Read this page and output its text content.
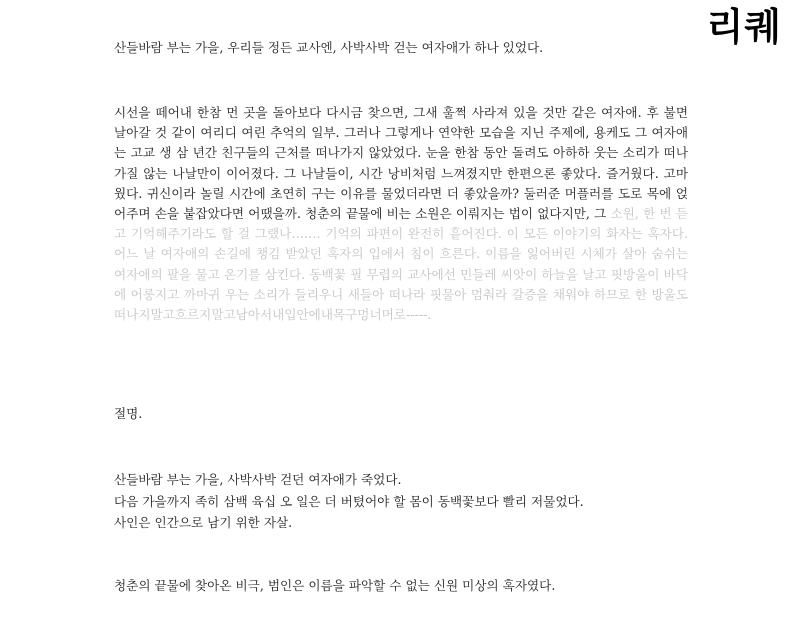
리퀘

산들바람 부는 가을, 우리들 정든 교사엔, 사박사박 걷는 여자애가 하나 있었다.

시선을 떼어내 한참 먼 곳을 돌아보다 다시금 찾으면, 그새 훌쩍 사라져 있을 것만 같은 여자애. 후 불면 날아갈 것 같이 여리디 여린 추억의 일부. 그러나 그렇게나 연약한 모습을 지닌 주제에, 용케도 그 여자애는 고교 생 삼 년간 친구들의 근처를 떠나가지 않았었다. 눈을 한참 동안 돌려도 아하하 웃는 소리가 떠나가질 않는 나날만이 이어졌다. 그 나날들이, 시간 낭비처럼 느껴졌지만 한편으론 좋았다. 즐거웠다. 고마웠다. 귀신이라 놀릴 시간에 초연히 구는 이유를 물었더라면 더 좋았을까? 둘러준 머플러를 도로 목에 얹어주며 손을 붙잡았다면 어땠을까. 청춘의 끝물에 비는 소원은 이뤄지는 법이 없다지만, 그 소원, 한 번 듣고 기억해주기라도 할 걸 그랬나……. 기억의 파편이 완전히 흩어진다. 이 모든 이야기의 화자는 혹자다. 어느 날 여자애의 손길에 챙김 받았던 혹자의 입에서 침이 흐른다. 이름을 잃어버린 시체가 살아 숨쉬는 여자애의 팔을 물고 온기를 삼킨다. 동백꽃 필 무렵의 교사에선 민들레 씨앗이 하늘을 날고 핏방울이 바닥에 어룽지고 까마귀 우는 소리가 들리우니 새들아 떠나라 핏물아 멈춰라 갈증을 채워야 하므로 한 방울도떠나지말고흐르지말고남아서내입안에내목구멍너머로-----.

절명.

산들바람 부는 가을, 사박사박 걷던 여자애가 죽었다.
다음 가을까지 족히 삼백 육십 오 일은 더 버텼어야 할 몸이 동백꽃보다 빨리 저물었다.
사인은 인간으로 남기 위한 자살.

청춘의 끝물에 찾아온 비극, 범인은 이름을 파악할 수 없는 신원 미상의 혹자였다.
